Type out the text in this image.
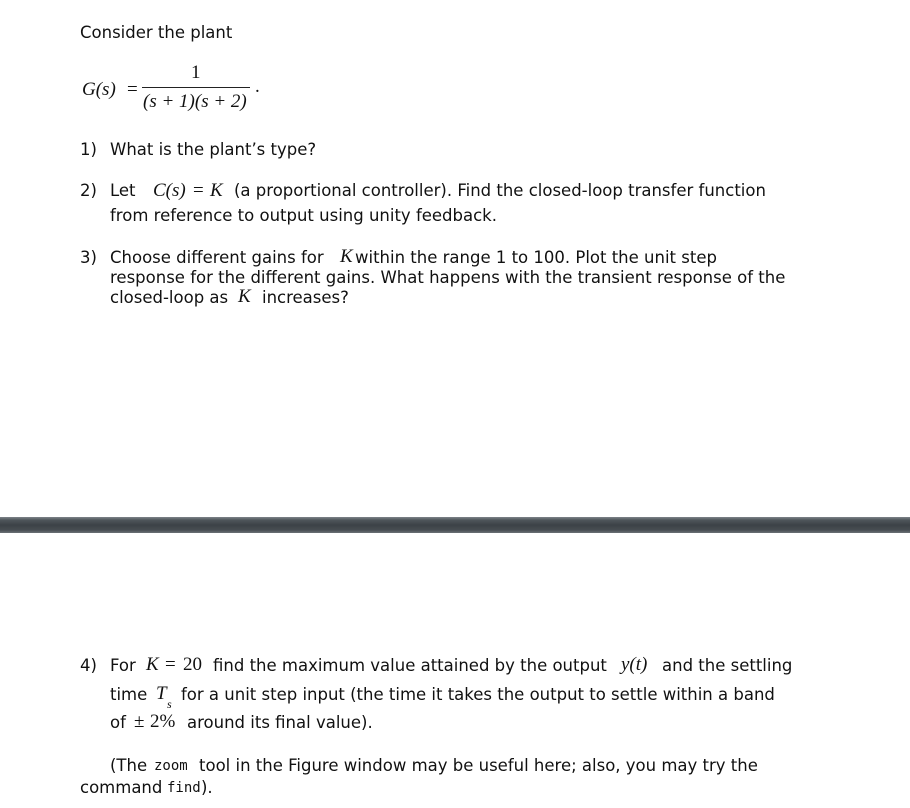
Consider the plant
G(s) =
1
(s + 1)(s + 2)
.
1) What is the plant’s type?
2) Let C(s) = K (a proportional controller). Find the closed-loop transfer function
from reference to output using unity feedback.
3) Choose different gains for K within the range 1 to 100. Plot the unit step
response for the different gains. What happens with the transient response of the
closed-loop as K increases?
4) For K = 20 find the maximum value attained by the output y(t) and the settling
time T s for a unit step input (the time it takes the output to settle within a band
of ± 2% around its final value).
(The zoom tool in the Figure window may be useful here; also, you may try the
command find ).
